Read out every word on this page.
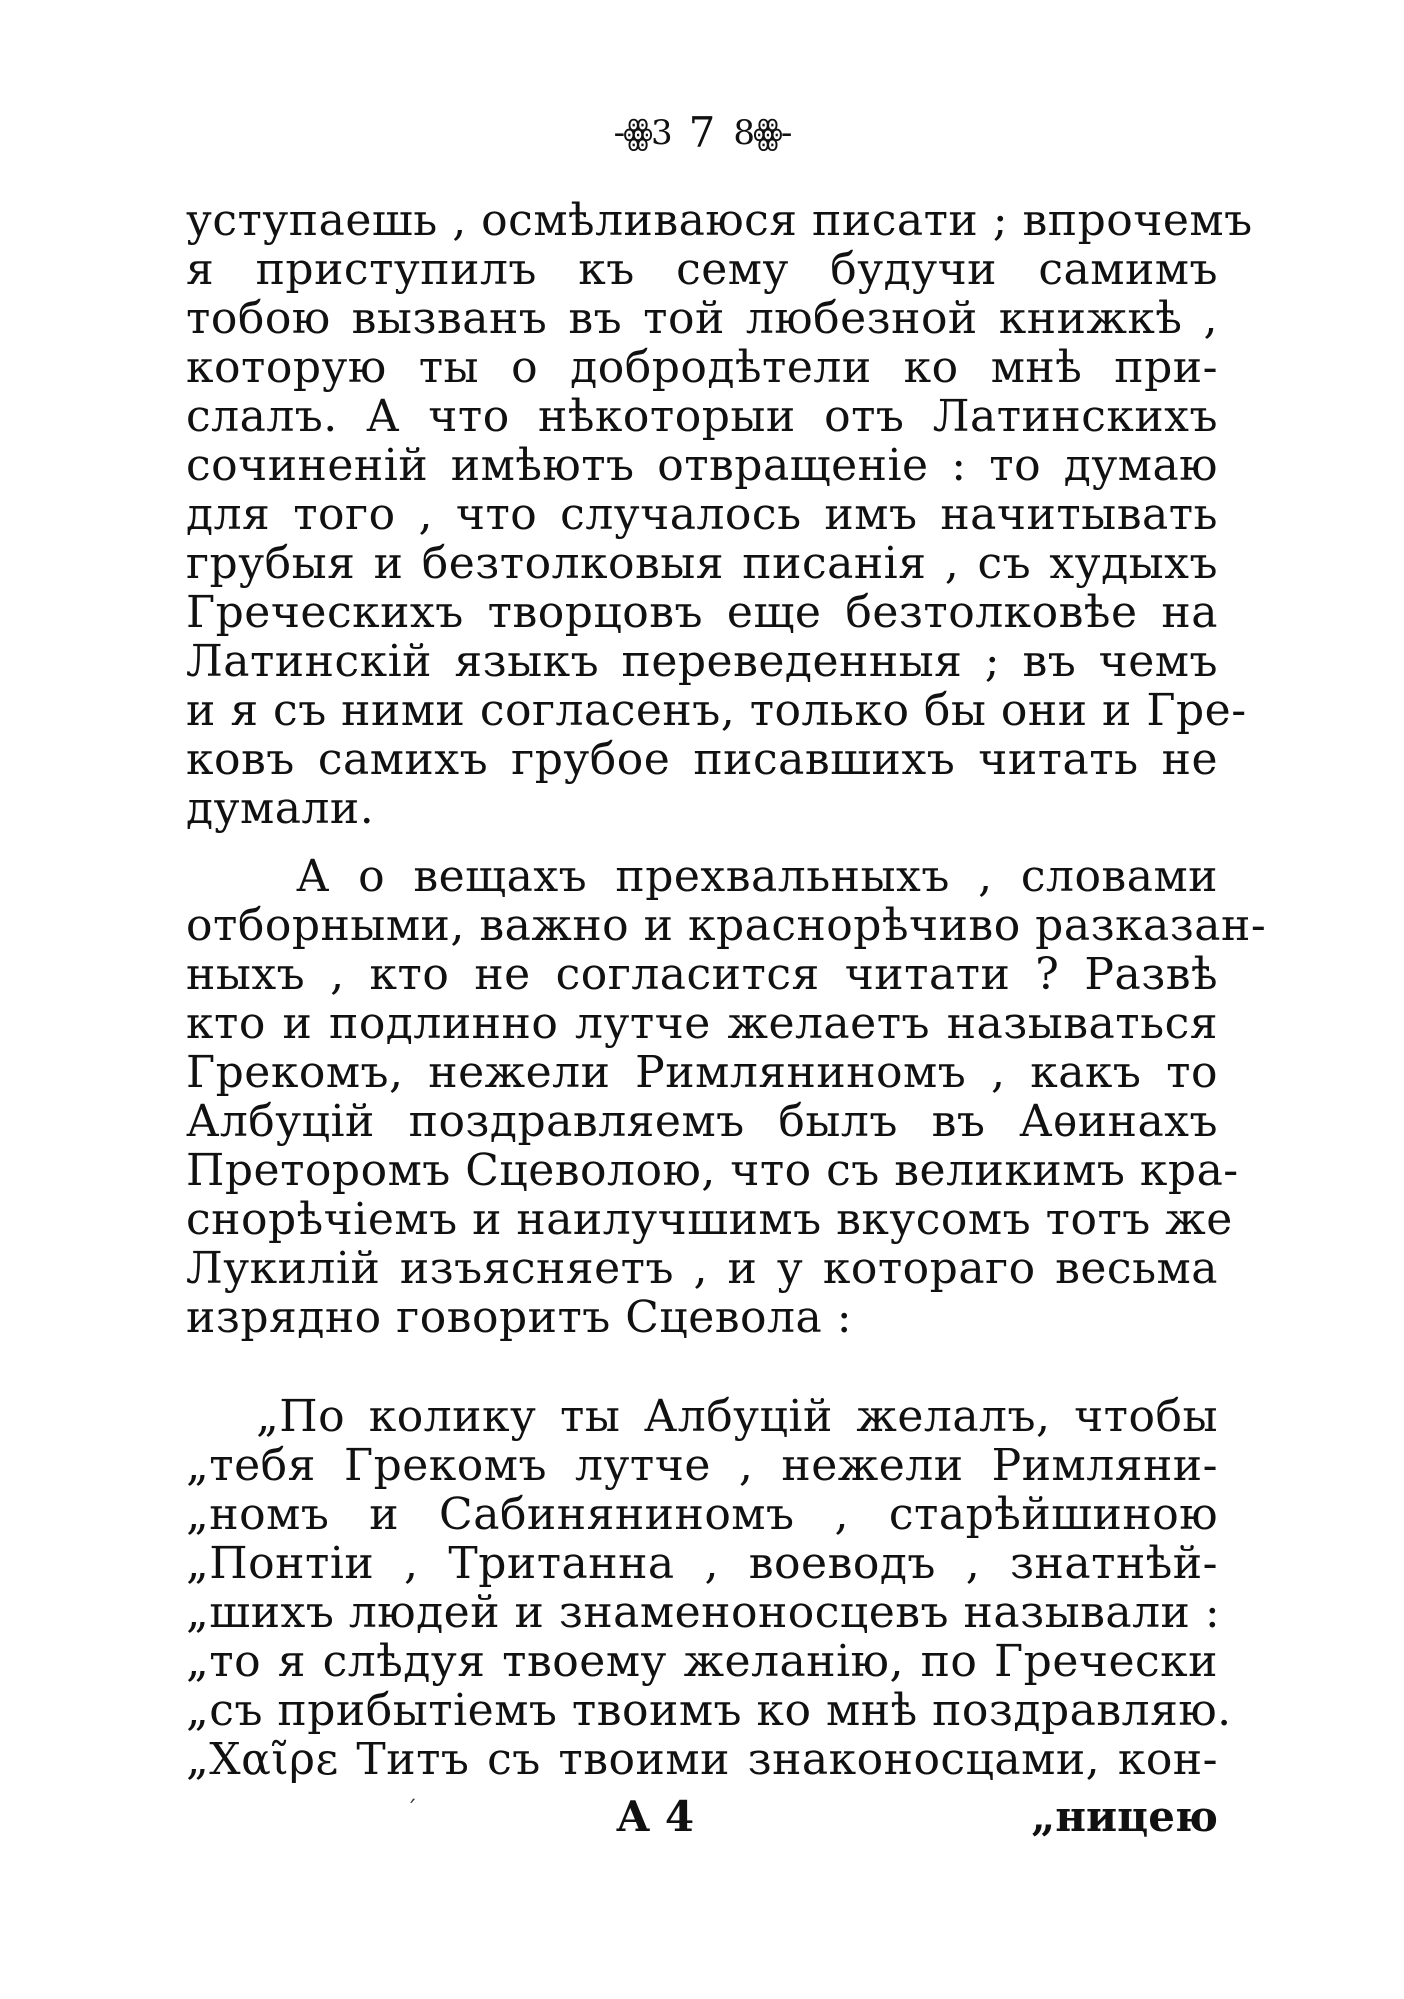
-ꙮ3 7 8ꙮ-
уступаешь , осмѣливаюся писати ; впрочемъ
я приступилъ къ сему будучи самимъ
тобою вызванъ въ той любезной книжкѣ ,
которую ты о добродѣтели ко мнѣ при-
слалъ. А что нѣкоторыи отъ Латинскихъ
сочиненій имѣютъ отвращеніе : то думаю
для того , что случалось имъ начитывать
грубыя и безтолковыя писанія , съ худыхъ
Греческихъ творцовъ еще безтолковѣе на
Латинскій языкъ переведенныя ; въ чемъ
и я съ ними согласенъ, только бы они и Гре-
ковъ самихъ грубое писавшихъ читать не
думали.
А о вещахъ прехвальныхъ , словами
отборными, важно и краснорѣчиво разказан-
ныхъ , кто не согласится читати ? Развѣ
кто и подлинно лутче желаетъ называться
Грекомъ, нежели Римляниномъ , какъ то
Албуцій поздравляемъ былъ въ Аѳинахъ
Преторомъ Сцеволою, что съ великимъ кра-
снорѣчіемъ и наилучшимъ вкусомъ тотъ же
Лукилій изъясняетъ , и у котораго весьма
изрядно говоритъ Сцевола :
„По колику ты Албуцій желалъ, чтобы
„тебя Грекомъ лутче , нежели Римляни-
„номъ и Сабиняниномъ , старѣйшиною
„Понтіи , Тританна , воеводъ , знатнѣй-
„шихъ людей и знаменоносцевъ называли :
„то я слѣдуя твоему желанію, по Гречески
„съ прибытіемъ твоимъ ко мнѣ поздравляю.
„Χαῖρε Титъ съ твоими знаконосцами, кон-
ˊ	А 4	„ницею
